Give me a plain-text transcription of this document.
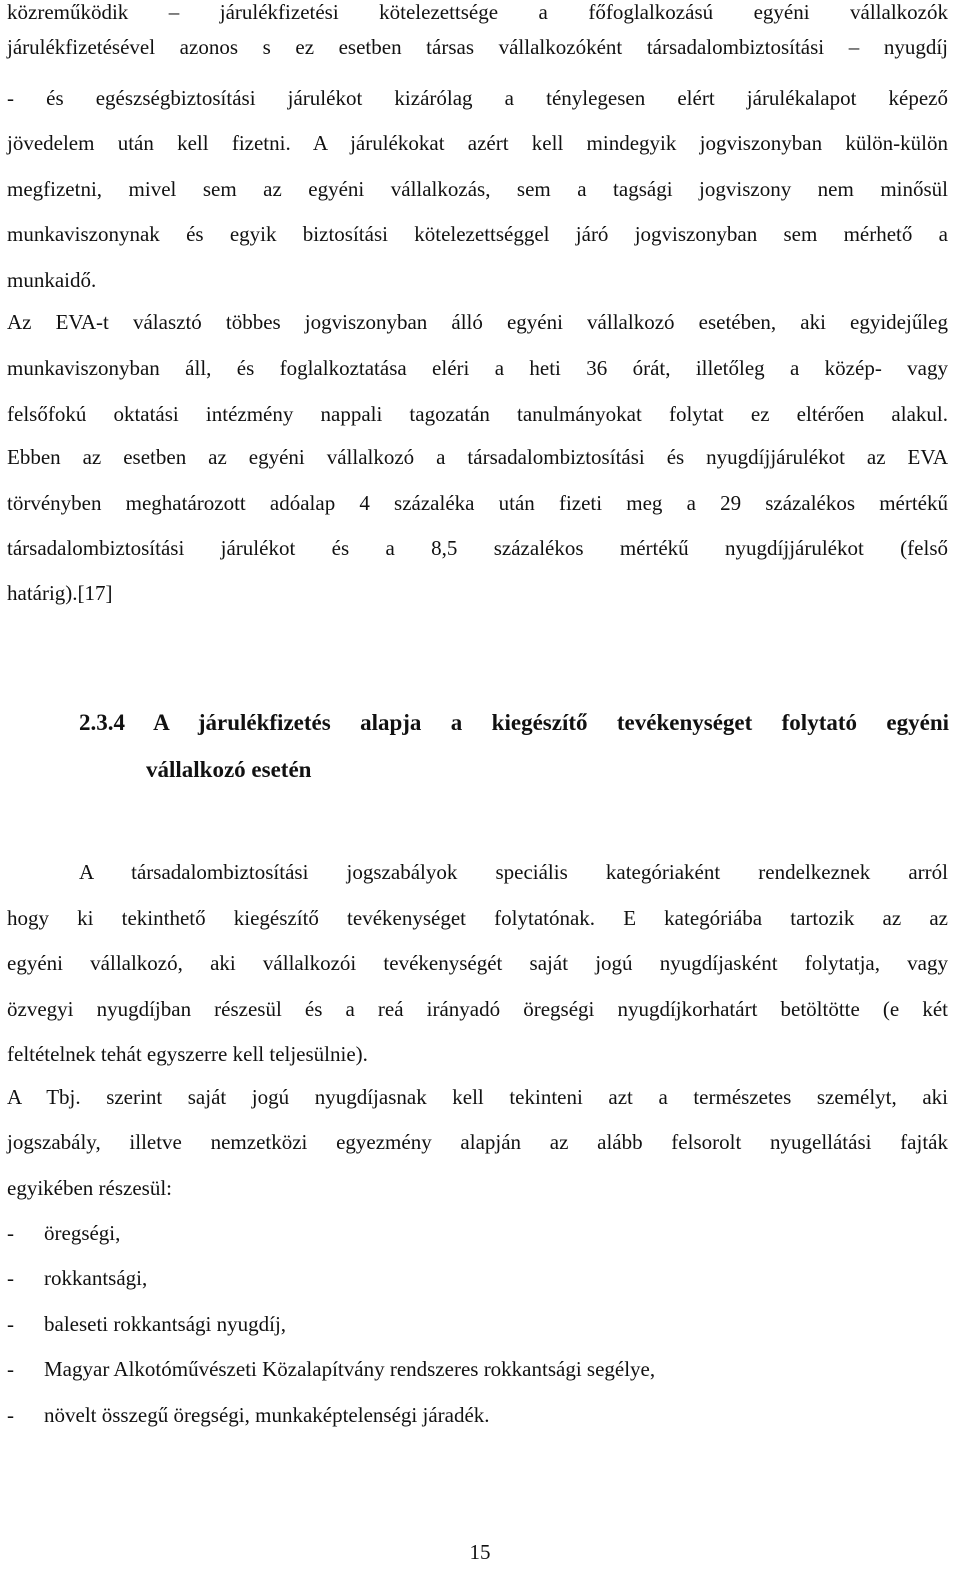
közreműködik – járulékfizetési kötelezettsége a főfoglalkozású egyéni vállalkozók
járulékfizetésével azonos s ez esetben társas vállalkozóként társadalombiztosítási – nyugdíj
- és egészségbiztosítási járulékot kizárólag a ténylegesen elért járulékalapot képező
jövedelem után kell fizetni. A járulékokat azért kell mindegyik jogviszonyban külön-külön
megfizetni, mivel sem az egyéni vállalkozás, sem a tagsági jogviszony nem minősül
munkaviszonynak és egyik biztosítási kötelezettséggel járó jogviszonyban sem mérhető a
munkaidő.
Az EVA-t választó többes jogviszonyban álló egyéni vállalkozó esetében, aki egyidejűleg
munkaviszonyban áll, és foglalkoztatása eléri a heti 36 órát, illetőleg a közép- vagy
felsőfokú oktatási intézmény nappali tagozatán tanulmányokat folytat ez eltérően alakul.
Ebben az esetben az egyéni vállalkozó a társadalombiztosítási és nyugdíjjárulékot az EVA
törvényben meghatározott adóalap 4 százaléka után fizeti meg a 29 százalékos mértékű
társadalombiztosítási járulékot és a 8,5 százalékos mértékű nyugdíjjárulékot (felső
határig).[17]
2.3.4 A járulékfizetés alapja a kiegészítő tevékenységet folytató egyéni
vállalkozó esetén
A társadalombiztosítási jogszabályok speciális kategóriaként rendelkeznek arról
hogy ki tekinthető kiegészítő tevékenységet folytatónak. E kategóriába tartozik az az
egyéni vállalkozó, aki vállalkozói tevékenységét saját jogú nyugdíjasként folytatja, vagy
özvegyi nyugdíjban részesül és a reá irányadó öregségi nyugdíjkorhatárt betöltötte (e két
feltételnek tehát egyszerre kell teljesülnie).
A Tbj. szerint saját jogú nyugdíjasnak kell tekinteni azt a természetes személyt, aki
jogszabály, illetve nemzetközi egyezmény alapján az alább felsorolt nyugellátási fajták
egyikében részesül:
-	öregségi,
-	rokkantsági,
-	baleseti rokkantsági nyugdíj,
-	Magyar Alkotóművészeti Közalapítvány rendszeres rokkantsági segélye,
-	növelt összegű öregségi, munkaképtelenségi járadék.
15
